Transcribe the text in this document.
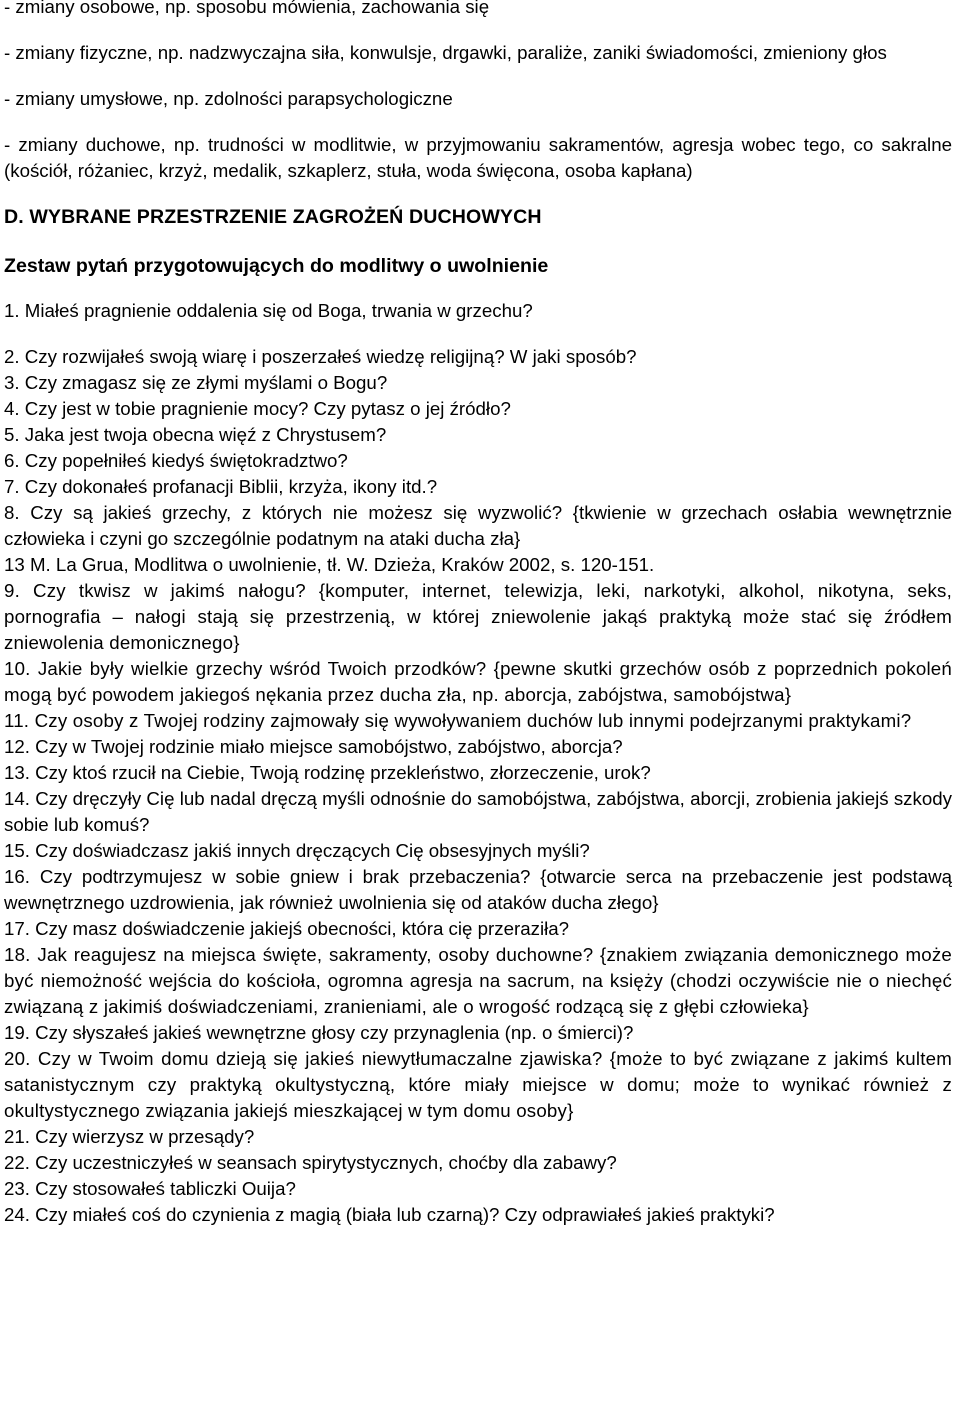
- zmiany osobowe, np. sposobu mówienia, zachowania się

- zmiany fizyczne, np. nadzwyczajna siła, konwulsje, drgawki, paraliże, zaniki świadomości, zmieniony głos

- zmiany umysłowe, np. zdolności parapsychologiczne

- zmiany duchowe, np. trudności w modlitwie, w przyjmowaniu sakramentów, agresja wobec tego, co sakralne (kościół, różaniec, krzyż, medalik, szkaplerz, stuła, woda święcona, osoba kapłana)

D. WYBRANE PRZESTRZENIE ZAGROŻEŃ DUCHOWYCH
Zestaw pytań przygotowujących do modlitwy o uwolnienie

1. Miałeś pragnienie oddalenia się od Boga, trwania w grzechu?

2. Czy rozwijałeś swoją wiarę i poszerzałeś wiedzę religijną? W jaki sposób?

3. Czy zmagasz się ze złymi myślami o Bogu?

4. Czy jest w tobie pragnienie mocy? Czy pytasz o jej źródło?

5. Jaka jest twoja obecna więź z Chrystusem?

6. Czy popełniłeś kiedyś świętokradztwo?

7. Czy dokonałeś profanacji Biblii, krzyża, ikony itd.?

8. Czy są jakieś grzechy, z których nie możesz się wyzwolić? {tkwienie w grzechach osłabia wewnętrznie człowieka i czyni go szczególnie podatnym na ataki ducha zła}

13 M. La Grua, Modlitwa o uwolnienie, tł. W. Dzieża, Kraków 2002, s. 120-151.

9. Czy tkwisz w jakimś nałogu? {komputer, internet, telewizja, leki, narkotyki, alkohol, nikotyna, seks, pornografia – nałogi stają się przestrzenią, w której zniewolenie jakąś praktyką może stać się źródłem zniewolenia demonicznego}

10. Jakie były wielkie grzechy wśród Twoich przodków? {pewne skutki grzechów osób z poprzednich pokoleń mogą być powodem jakiegoś nękania przez ducha zła, np. aborcja, zabójstwa, samobójstwa}

11. Czy osoby z Twojej rodziny zajmowały się wywoływaniem duchów lub innymi podejrzanymi praktykami?

12. Czy w Twojej rodzinie miało miejsce samobójstwo, zabójstwo, aborcja?

13. Czy ktoś rzucił na Ciebie, Twoją rodzinę przekleństwo, złorzeczenie, urok?

14. Czy dręczyły Cię lub nadal dręczą myśli odnośnie do samobójstwa, zabójstwa, aborcji, zrobienia jakiejś szkody sobie lub komuś?

15. Czy doświadczasz jakiś innych dręczących Cię obsesyjnych myśli?

16. Czy podtrzymujesz w sobie gniew i brak przebaczenia? {otwarcie serca na przebaczenie jest podstawą wewnętrznego uzdrowienia, jak również uwolnienia się od ataków ducha złego}

17. Czy masz doświadczenie jakiejś obecności, która cię przeraziła?

18. Jak reagujesz na miejsca święte, sakramenty, osoby duchowne? {znakiem związania demonicznego może być niemożność wejścia do kościoła, ogromna agresja na sacrum, na księży (chodzi oczywiście nie o niechęć związaną z jakimiś doświadczeniami, zranieniami, ale o wrogość rodzącą się z głębi człowieka}

19. Czy słyszałeś jakieś wewnętrzne głosy czy przynaglenia (np. o śmierci)?

20. Czy w Twoim domu dzieją się jakieś niewytłumaczalne zjawiska? {może to być związane z jakimś kultem satanistycznym czy praktyką okultystyczną, które miały miejsce w domu; może to wynikać również z okultystycznego związania jakiejś mieszkającej w tym domu osoby}

21. Czy wierzysz w przesądy?

22. Czy uczestniczyłeś w seansach spirytystycznych, choćby dla zabawy?

23. Czy stosowałeś tabliczki Ouija?

24. Czy miałeś coś do czynienia z magią (biała lub czarną)? Czy odprawiałeś jakieś praktyki?
